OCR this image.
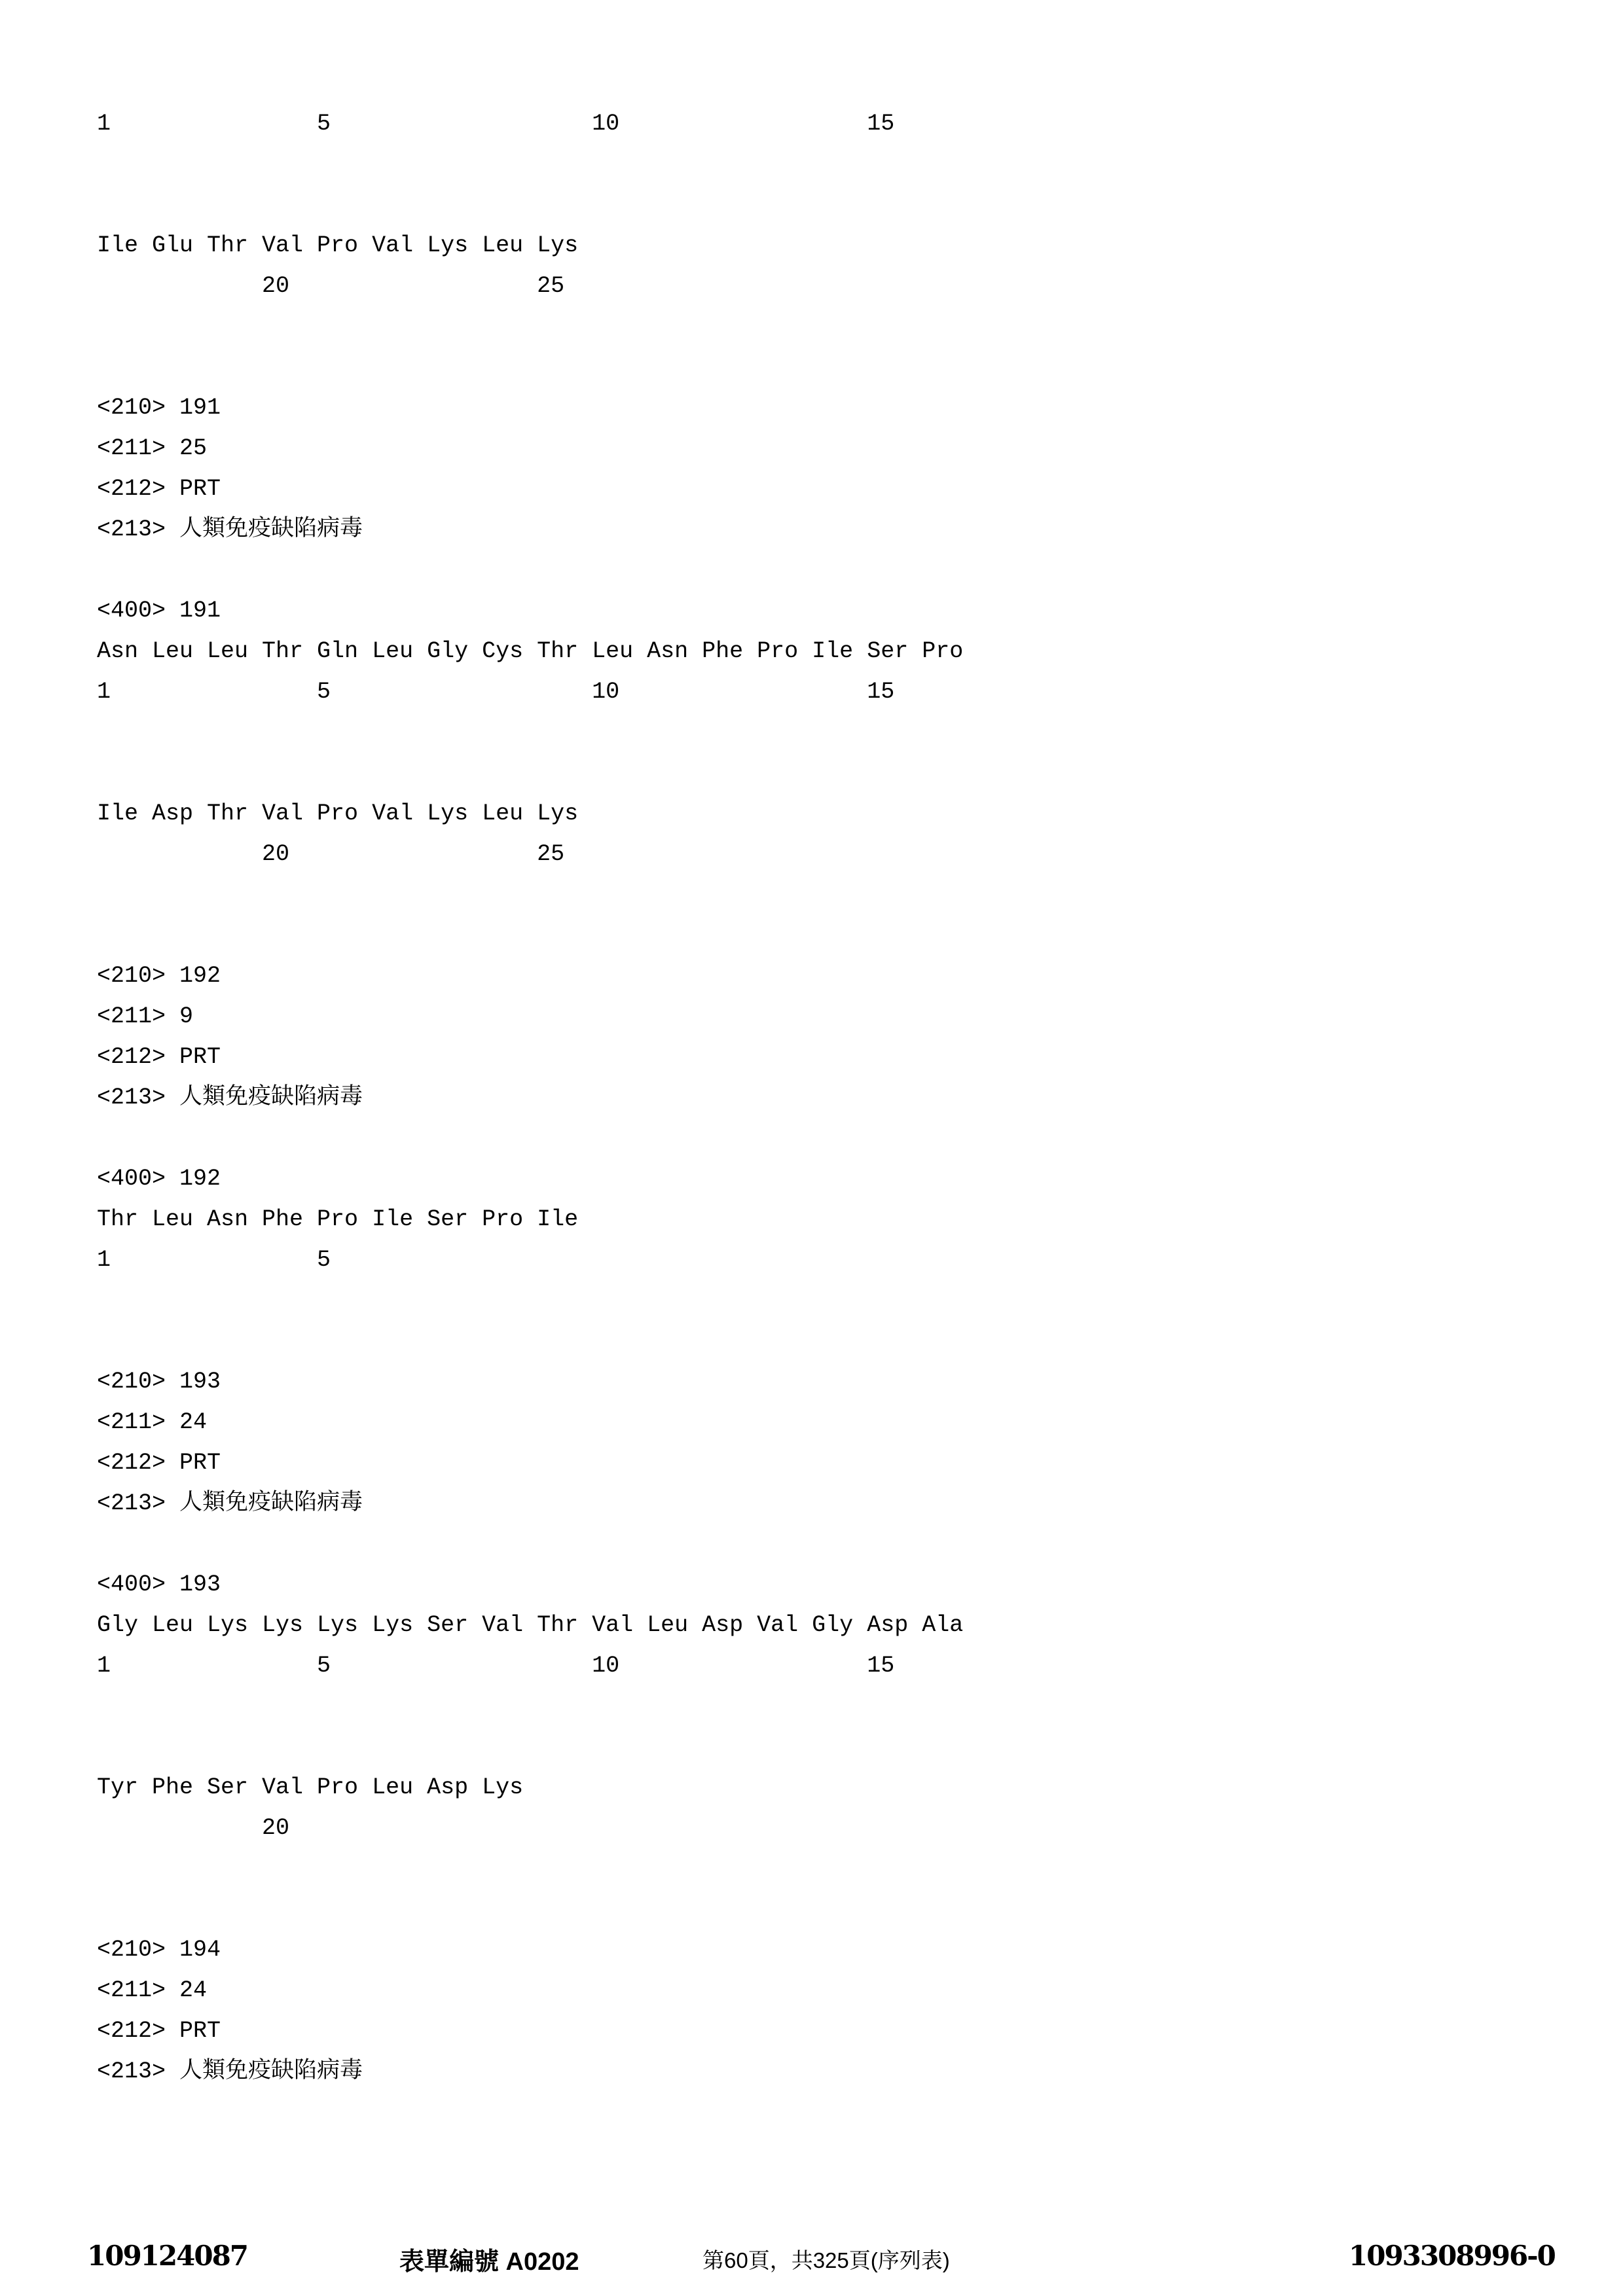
1               5                   10                  15
Ile Glu Thr Val Pro Val Lys Leu Lys
20                  25
<210> 191
<211> 25
<212> PRT
<213> 人類免疫缺陷病毒
<400> 191
Asn Leu Leu Thr Gln Leu Gly Cys Thr Leu Asn Phe Pro Ile Ser Pro
1               5                   10                  15
Ile Asp Thr Val Pro Val Lys Leu Lys
20                  25
<210> 192
<211> 9
<212> PRT
<213> 人類免疫缺陷病毒
<400> 192
Thr Leu Asn Phe Pro Ile Ser Pro Ile
1               5
<210> 193
<211> 24
<212> PRT
<213> 人類免疫缺陷病毒
<400> 193
Gly Leu Lys Lys Lys Lys Ser Val Thr Val Leu Asp Val Gly Asp Ala
1               5                   10                  15
Tyr Phe Ser Val Pro Leu Asp Lys
20
<210> 194
<211> 24
<212> PRT
<213> 人類免疫缺陷病毒
109124087	表單編號 A0202	第60頁，共325頁(序列表)	1093308996-0
